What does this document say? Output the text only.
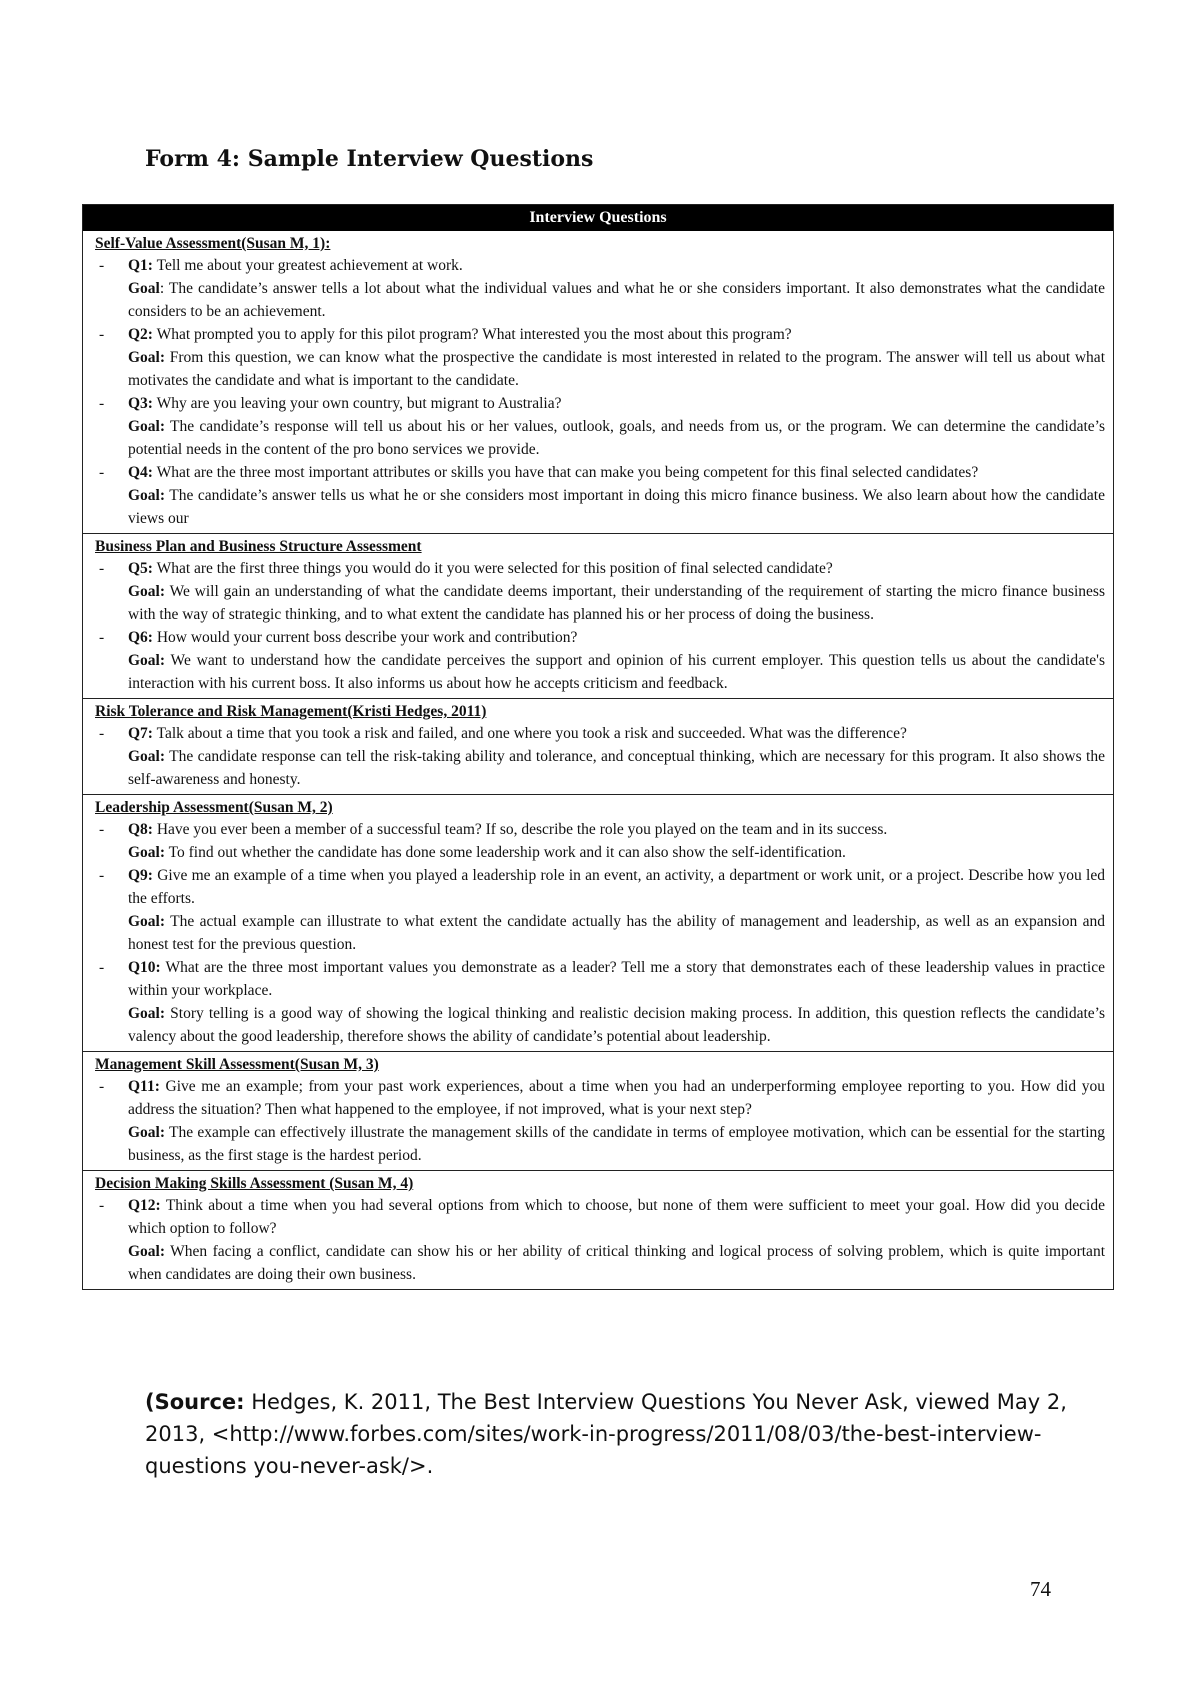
Form 4: Sample Interview Questions
Interview Questions
Self-Value Assessment(Susan M, 1):
- Q1: Tell me about your greatest achievement at work.
Goal: The candidate’s answer tells a lot about what the individual values and what he or she considers important. It also demonstrates what the candidate considers to be an achievement.
- Q2: What prompted you to apply for this pilot program? What interested you the most about this program?
Goal: From this question, we can know what the prospective the candidate is most interested in related to the program. The answer will tell us about what motivates the candidate and what is important to the candidate.
- Q3: Why are you leaving your own country, but migrant to Australia?
Goal: The candidate’s response will tell us about his or her values, outlook, goals, and needs from us, or the program. We can determine the candidate’s potential needs in the content of the pro bono services we provide.
- Q4: What are the three most important attributes or skills you have that can make you being competent for this final selected candidates?
Goal: The candidate’s answer tells us what he or she considers most important in doing this micro finance business. We also learn about how the candidate views our
Business Plan and Business Structure Assessment
- Q5: What are the first three things you would do it you were selected for this position of final selected candidate?
Goal: We will gain an understanding of what the candidate deems important, their understanding of the requirement of starting the micro finance business with the way of strategic thinking, and to what extent the candidate has planned his or her process of doing the business.
- Q6: How would your current boss describe your work and contribution?
Goal: We want to understand how the candidate perceives the support and opinion of his current employer. This question tells us about the candidate's interaction with his current boss. It also informs us about how he accepts criticism and feedback.
Risk Tolerance and Risk Management(Kristi Hedges, 2011)
- Q7: Talk about a time that you took a risk and failed, and one where you took a risk and succeeded. What was the difference?
Goal: The candidate response can tell the risk-taking ability and tolerance, and conceptual thinking, which are necessary for this program. It also shows the self-awareness and honesty.
Leadership Assessment(Susan M, 2)
- Q8: Have you ever been a member of a successful team? If so, describe the role you played on the team and in its success.
Goal: To find out whether the candidate has done some leadership work and it can also show the self-identification.
- Q9: Give me an example of a time when you played a leadership role in an event, an activity, a department or work unit, or a project. Describe how you led the efforts.
Goal: The actual example can illustrate to what extent the candidate actually has the ability of management and leadership, as well as an expansion and honest test for the previous question.
- Q10: What are the three most important values you demonstrate as a leader? Tell me a story that demonstrates each of these leadership values in practice within your workplace.
Goal: Story telling is a good way of showing the logical thinking and realistic decision making process. In addition, this question reflects the candidate’s valency about the good leadership, therefore shows the ability of candidate’s potential about leadership.
Management Skill Assessment(Susan M, 3)
- Q11: Give me an example; from your past work experiences, about a time when you had an underperforming employee reporting to you. How did you address the situation? Then what happened to the employee, if not improved, what is your next step?
Goal: The example can effectively illustrate the management skills of the candidate in terms of employee motivation, which can be essential for the starting business, as the first stage is the hardest period.
Decision Making Skills Assessment (Susan M, 4)
- Q12: Think about a time when you had several options from which to choose, but none of them were sufficient to meet your goal. How did you decide which option to follow?
Goal: When facing a conflict, candidate can show his or her ability of critical thinking and logical process of solving problem, which is quite important when candidates are doing their own business.
(Source: Hedges, K. 2011, The Best Interview Questions You Never Ask, viewed May 2, 2013, <http://www.forbes.com/sites/work-in-progress/2011/08/03/the-best-interview-questions you-never-ask/>.
74
